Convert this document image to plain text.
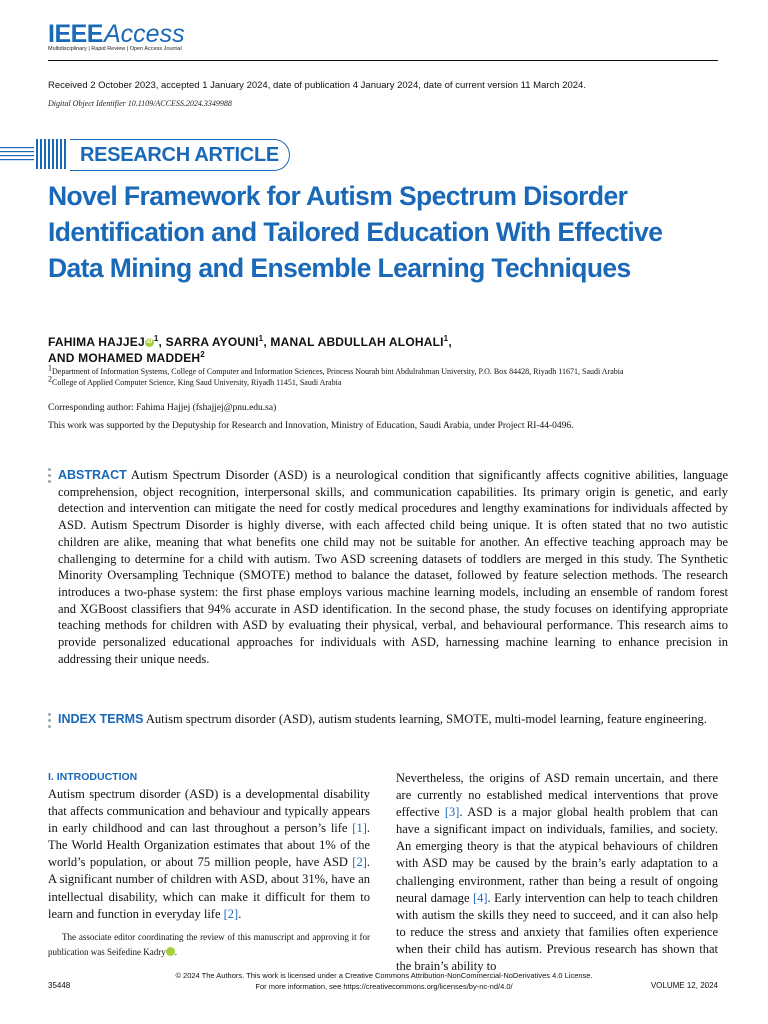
IEEEAccess
Multidisciplinary | Rapid Review | Open Access Journal
Received 2 October 2023, accepted 1 January 2024, date of publication 4 January 2024, date of current version 11 March 2024.
Digital Object Identifier 10.1109/ACCESS.2024.3349988
RESEARCH ARTICLE
Novel Framework for Autism Spectrum Disorder Identification and Tailored Education With Effective Data Mining and Ensemble Learning Techniques
FAHIMA HAJJEJiD$^1$, SARRA AYOUNI$^1$, MANAL ABDULLAH ALOHALI$^1$,
AND MOHAMED MADDEH$^2$
$^1$Department of Information Systems, College of Computer and Information Sciences, Princess Nourah bint Abdulrahman University, P.O. Box 84428, Riyadh 11671, Saudi Arabia
$^2$College of Applied Computer Science, King Saud University, Riyadh 11451, Saudi Arabia
Corresponding author: Fahima Hajjej (fshajjej@pnu.edu.sa)
This work was supported by the Deputyship for Research and Innovation, Ministry of Education, Saudi Arabia, under Project RI-44-0496.
ABSTRACT Autism Spectrum Disorder (ASD) is a neurological condition that significantly affects cognitive abilities, language comprehension, object recognition, interpersonal skills, and communication capabilities. Its primary origin is genetic, and early detection and intervention can mitigate the need for costly medical procedures and lengthy examinations for individuals affected by ASD. Autism Spectrum Disorder is highly diverse, with each affected child being unique. It is often stated that no two autistic children are alike, meaning that what benefits one child may not be suitable for another. An effective teaching approach may be challenging to determine for a child with autism. Two ASD screening datasets of toddlers are merged in this study. The Synthetic Minority Oversampling Technique (SMOTE) method to balance the dataset, followed by feature selection methods. The research introduces a two-phase system: the first phase employs various machine learning models, including an ensemble of random forest and XGBoost classifiers that 94% accurate in ASD identification. In the second phase, the study focuses on identifying appropriate teaching methods for children with ASD by evaluating their physical, verbal, and behavioural performance. This research aims to provide personalized educational approaches for individuals with ASD, harnessing machine learning to enhance precision in addressing their unique needs.
INDEX TERMS Autism spectrum disorder (ASD), autism students learning, SMOTE, multi-model learning, feature engineering.
I. INTRODUCTION
Autism spectrum disorder (ASD) is a developmental disability that affects communication and behaviour and typically appears in early childhood and can last throughout a person’s life [1]. The World Health Organization estimates that about 1% of the world’s population, or about 75 million people, have ASD [2]. A significant number of children with ASD, about 31%, have an intellectual disability, which can make it difficult for them to learn and function in everyday life [2].
Nevertheless, the origins of ASD remain uncertain, and there are currently no established medical interventions that prove effective [3]. ASD is a major global health problem that can have a significant impact on individuals, families, and society. An emerging theory is that the atypical behaviours of children with ASD may be caused by the brain’s early adaptation to a challenging environment, rather than being a result of ongoing neural damage [4]. Early intervention can help to teach children with autism the skills they need to succeed, and it can also help to reduce the stress and anxiety that families often experience when their child has autism. Previous research has shown that the brain’s ability to
The associate editor coordinating the review of this manuscript and approving it for publication was Seifedine Kadry iD.
© 2024 The Authors. This work is licensed under a Creative Commons Attribution-NonCommercial-NoDerivatives 4.0 License.
For more information, see https://creativecommons.org/licenses/by-nc-nd/4.0/
35448	VOLUME 12, 2024
